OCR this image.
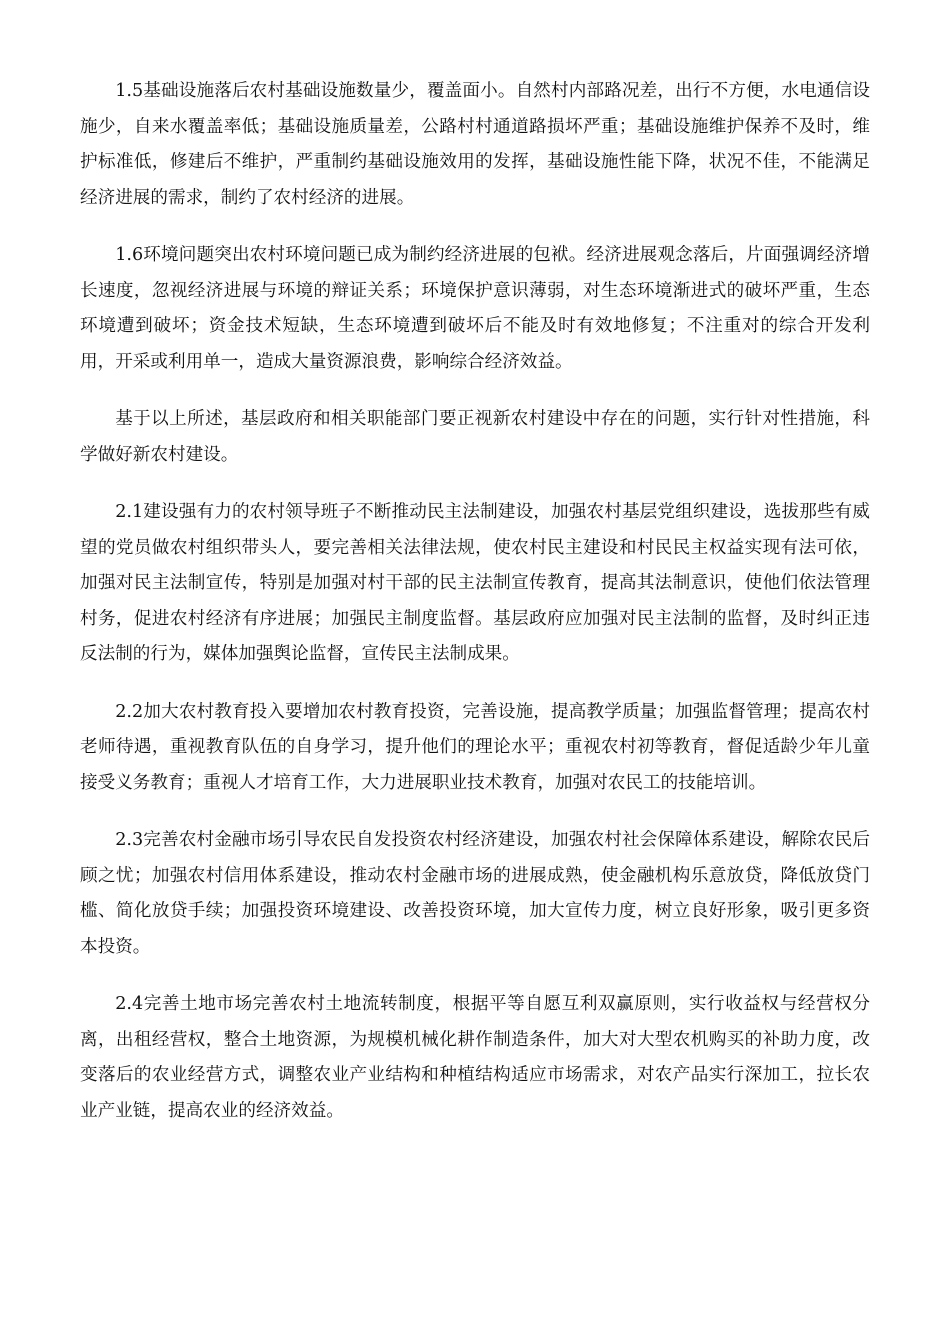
1.5基础设施落后农村基础设施数量少，覆盖面小。自然村内部路况差，出行不方便，水电通信设施少，自来水覆盖率低；基础设施质量差，公路村村通道路损坏严重；基础设施维护保养不及时，维护标准低，修建后不维护，严重制约基础设施效用的发挥，基础设施性能下降，状况不佳，不能满足经济进展的需求，制约了农村经济的进展。

1.6环境问题突出农村环境问题已成为制约经济进展的包袱。经济进展观念落后，片面强调经济增长速度，忽视经济进展与环境的辩证关系；环境保护意识薄弱，对生态环境渐进式的破坏严重，生态环境遭到破坏；资金技术短缺，生态环境遭到破坏后不能及时有效地修复；不注重对的综合开发利用，开采或利用单一，造成大量资源浪费，影响综合经济效益。

基于以上所述，基层政府和相关职能部门要正视新农村建设中存在的问题，实行针对性措施，科学做好新农村建设。

2.1建设强有力的农村领导班子不断推动民主法制建设，加强农村基层党组织建设，选拔那些有威望的党员做农村组织带头人，要完善相关法律法规，使农村民主建设和村民民主权益实现有法可依，加强对民主法制宣传，特别是加强对村干部的民主法制宣传教育，提高其法制意识，使他们依法管理村务，促进农村经济有序进展；加强民主制度监督。基层政府应加强对民主法制的监督，及时纠正违反法制的行为，媒体加强舆论监督，宣传民主法制成果。

2.2加大农村教育投入要增加农村教育投资，完善设施，提高教学质量；加强监督管理；提高农村老师待遇，重视教育队伍的自身学习，提升他们的理论水平；重视农村初等教育，督促适龄少年儿童接受义务教育；重视人才培育工作，大力进展职业技术教育，加强对农民工的技能培训。

2.3完善农村金融市场引导农民自发投资农村经济建设，加强农村社会保障体系建设，解除农民后顾之忧；加强农村信用体系建设，推动农村金融市场的进展成熟，使金融机构乐意放贷，降低放贷门槛、简化放贷手续；加强投资环境建设、改善投资环境，加大宣传力度，树立良好形象，吸引更多资本投资。

2.4完善土地市场完善农村土地流转制度，根据平等自愿互利双赢原则，实行收益权与经营权分离，出租经营权，整合土地资源，为规模机械化耕作制造条件，加大对大型农机购买的补助力度，改变落后的农业经营方式，调整农业产业结构和种植结构适应市场需求，对农产品实行深加工，拉长农业产业链，提高农业的经济效益。
